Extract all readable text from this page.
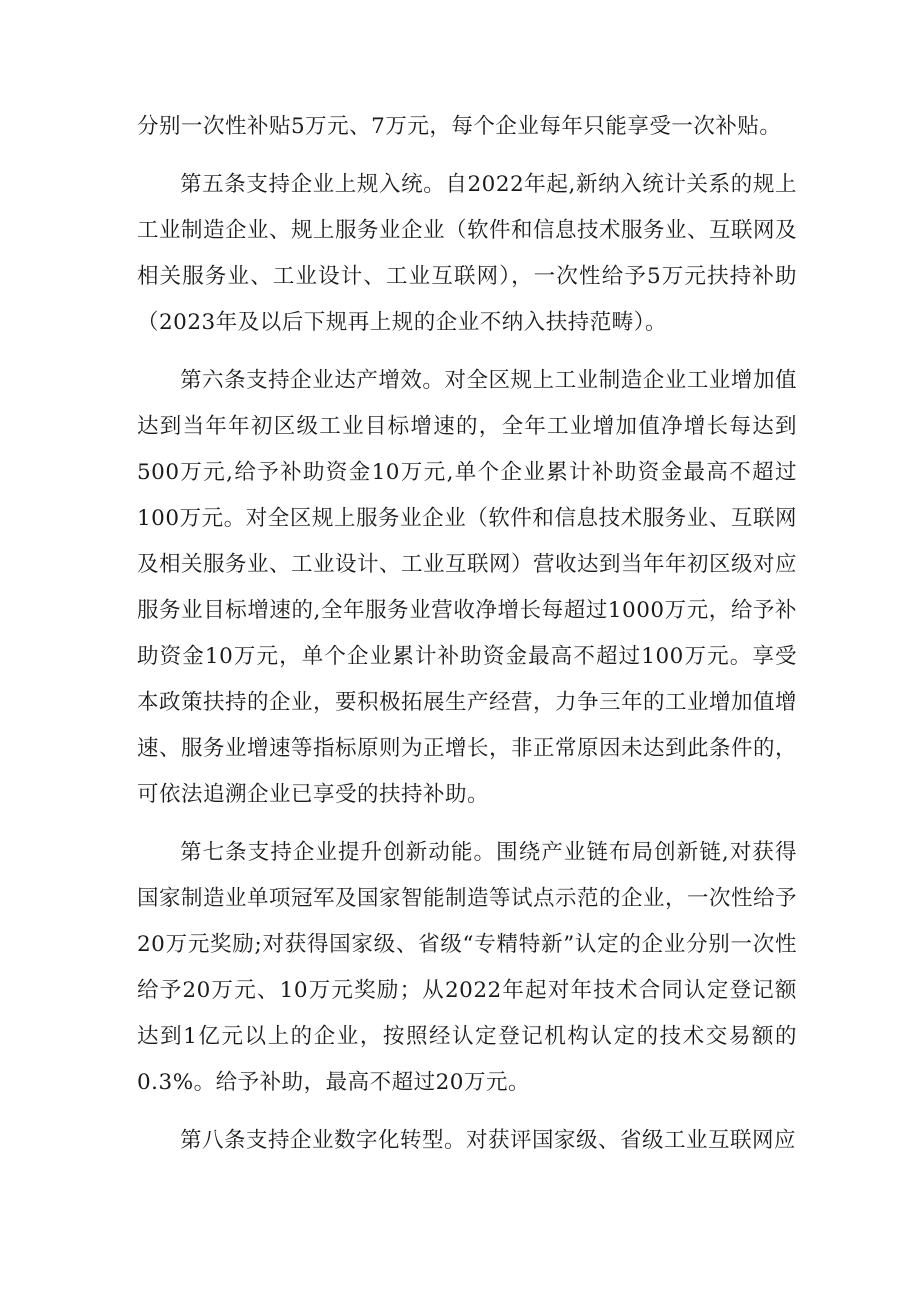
分别一次性补贴5万元、7万元，每个企业每年只能享受一次补贴。

第五条支持企业上规入统。自2022年起,新纳入统计关系的规上工业制造企业、规上服务业企业（软件和信息技术服务业、互联网及相关服务业、工业设计、工业互联网），一次性给予5万元扶持补助（2023年及以后下规再上规的企业不纳入扶持范畴）。

第六条支持企业达产增效。对全区规上工业制造企业工业增加值达到当年年初区级工业目标增速的，全年工业增加值净增长每达到500万元,给予补助资金10万元,单个企业累计补助资金最高不超过100万元。对全区规上服务业企业（软件和信息技术服务业、互联网及相关服务业、工业设计、工业互联网）营收达到当年年初区级对应服务业目标增速的,全年服务业营收净增长每超过1000万元，给予补助资金10万元，单个企业累计补助资金最高不超过100万元。享受本政策扶持的企业，要积极拓展生产经营，力争三年的工业增加值增速、服务业增速等指标原则为正增长，非正常原因未达到此条件的，可依法追溯企业已享受的扶持补助。

第七条支持企业提升创新动能。围绕产业链布局创新链,对获得国家制造业单项冠军及国家智能制造等试点示范的企业，一次性给予20万元奖励;对获得国家级、省级“专精特新”认定的企业分别一次性给予20万元、10万元奖励；从2022年起对年技术合同认定登记额达到1亿元以上的企业，按照经认定登记机构认定的技术交易额的0.3%。给予补助，最高不超过20万元。

第八条支持企业数字化转型。对获评国家级、省级工业互联网应
